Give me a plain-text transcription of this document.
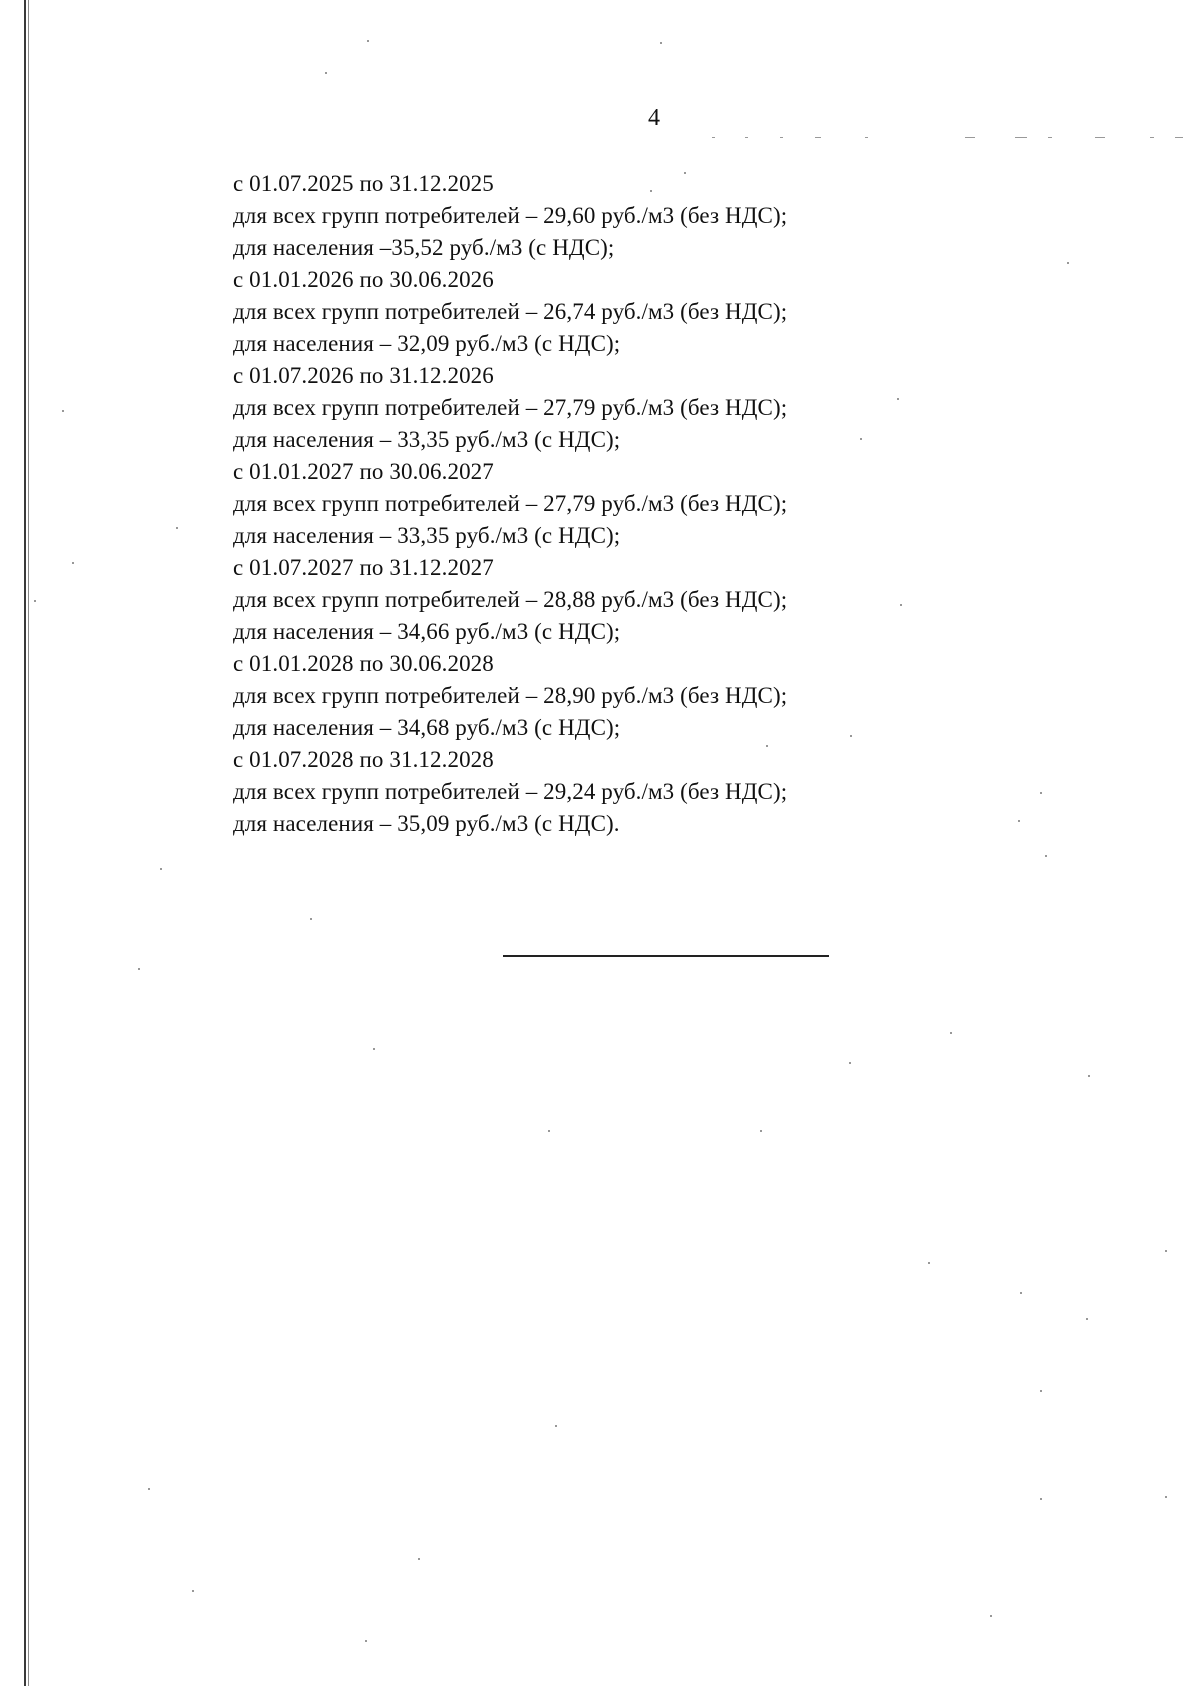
4
с 01.07.2025 по 31.12.2025
для всех групп потребителей – 29,60 руб./м3 (без НДС);
для населения –35,52 руб./м3 (с НДС);
с 01.01.2026 по 30.06.2026
для всех групп потребителей – 26,74 руб./м3 (без НДС);
для населения – 32,09 руб./м3 (с НДС);
с 01.07.2026 по 31.12.2026
для всех групп потребителей – 27,79 руб./м3 (без НДС);
для населения – 33,35 руб./м3 (с НДС);
с 01.01.2027 по 30.06.2027
для всех групп потребителей – 27,79 руб./м3 (без НДС);
для населения – 33,35 руб./м3 (с НДС);
с 01.07.2027 по 31.12.2027
для всех групп потребителей – 28,88 руб./м3 (без НДС);
для населения – 34,66 руб./м3 (с НДС);
с 01.01.2028 по 30.06.2028
для всех групп потребителей – 28,90 руб./м3 (без НДС);
для населения – 34,68 руб./м3 (с НДС);
с 01.07.2028 по 31.12.2028
для всех групп потребителей – 29,24 руб./м3 (без НДС);
для населения – 35,09 руб./м3 (с НДС).
